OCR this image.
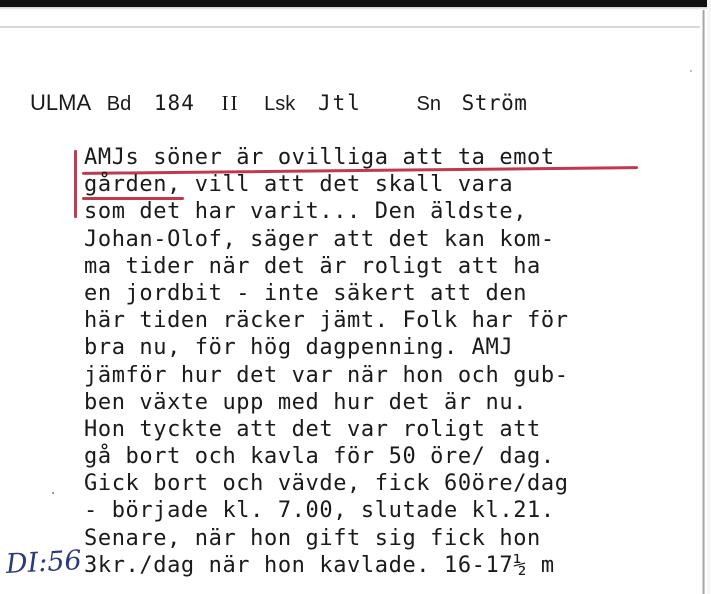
ULMA Bd 184 II Lsk Jtl	Sn Ström
AMJs söner är ovilliga att ta emot
gården, vill att det skall vara
som det har varit... Den äldste,
Johan-Olof, säger att det kan kom-
ma tider när det är roligt att ha
en jordbit - inte säkert att den
här tiden räcker jämt. Folk har för
bra nu, för hög dagpenning. AMJ
jämför hur det var när hon och gub-
ben växte upp med hur det är nu.
Hon tyckte att det var roligt att
gå bort och kavla för 50 öre/ dag.
Gick bort och vävde, fick 60öre/dag
- började kl. 7.00, slutade kl.21.
Senare, när hon gift sig fick hon
3kr./dag när hon kavlade. 16-17½ m
DI:56
